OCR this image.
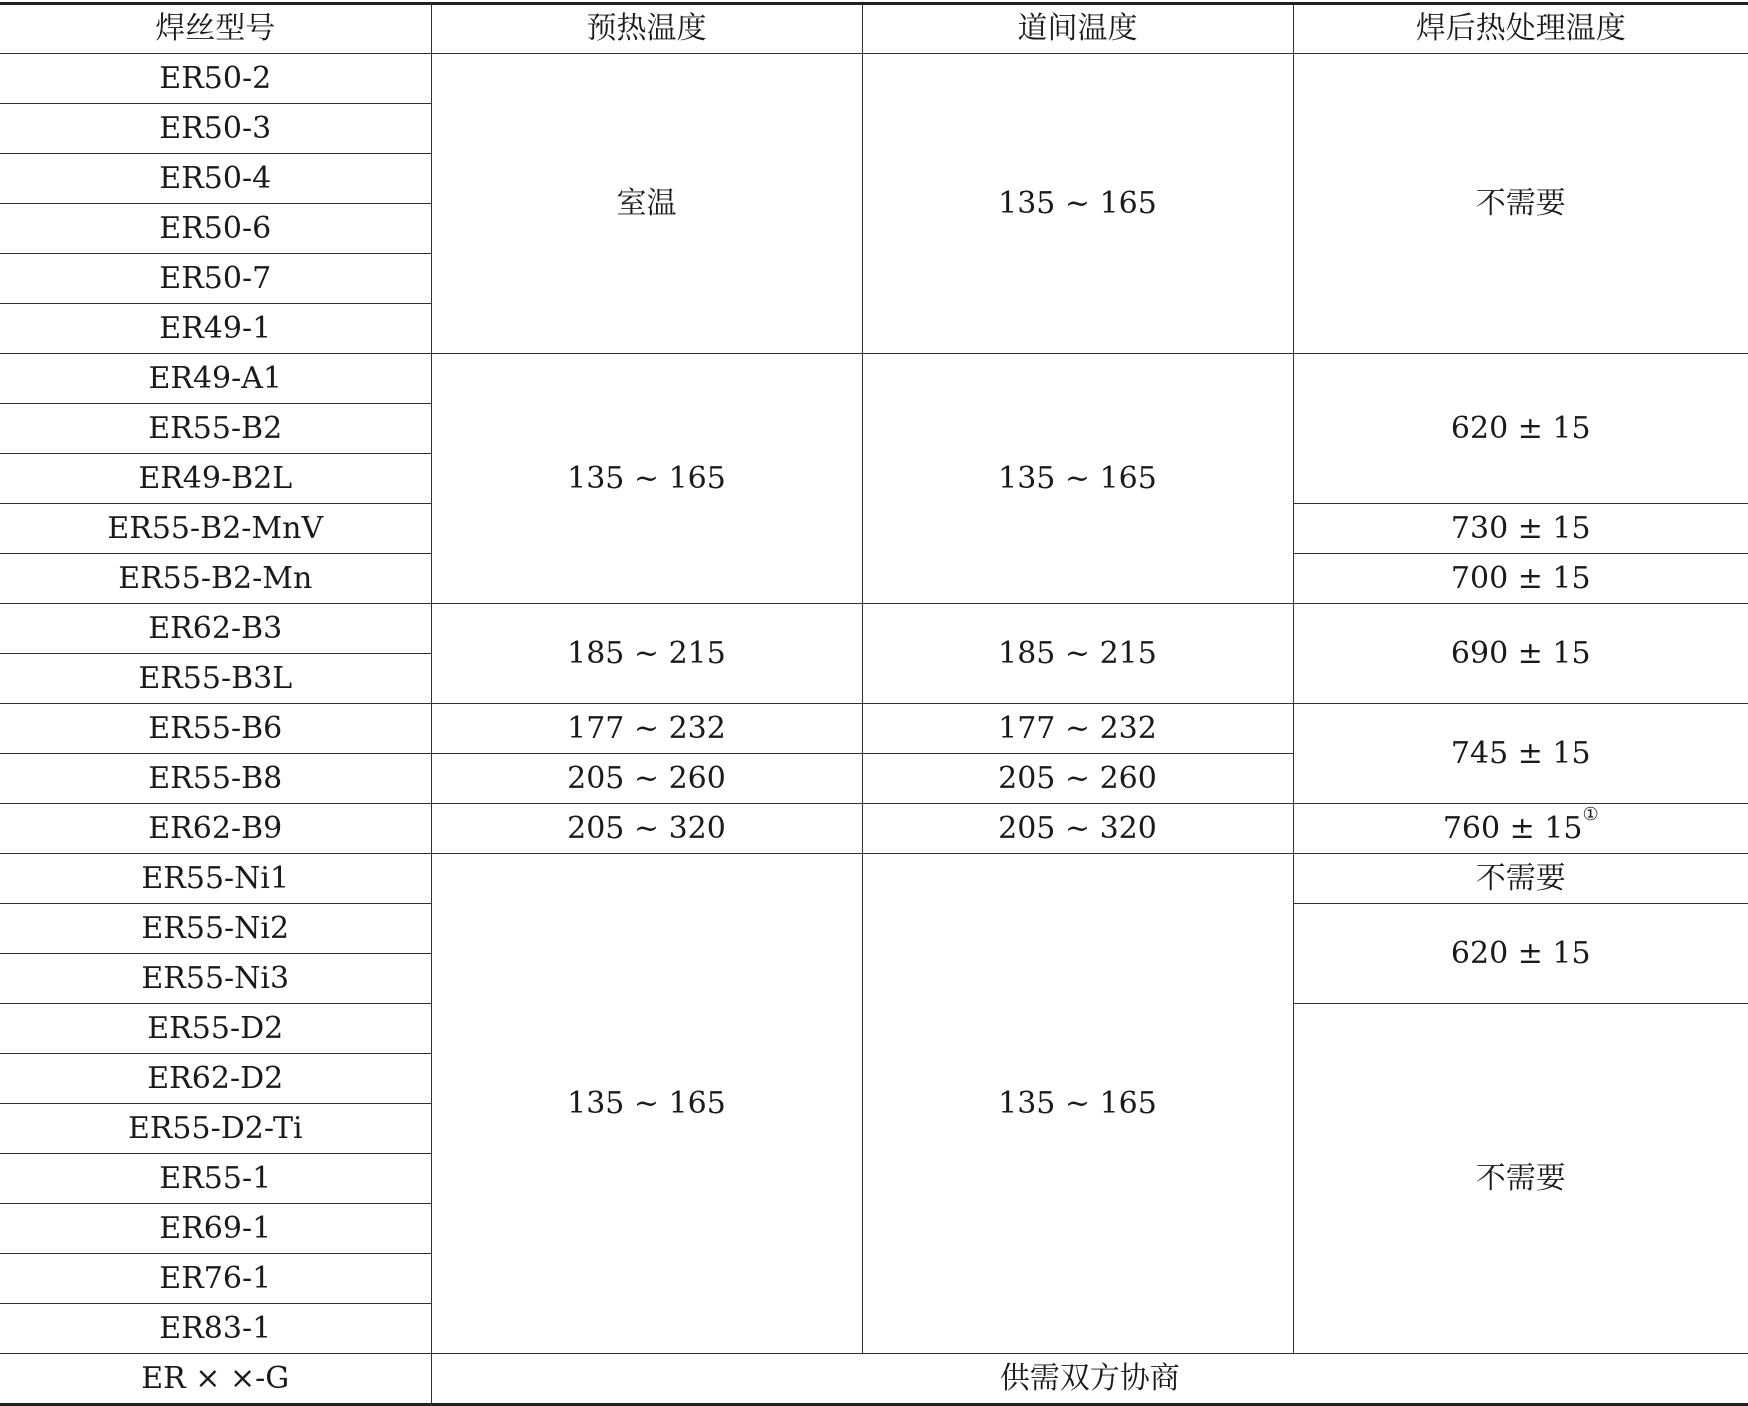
焊丝型号	预热温度	道间温度	焊后热处理温度
ER50-2	室温	135 ~ 165	不需要
ER50-3			
ER50-4			
ER50-6			
ER50-7			
ER49-1			
ER49-A1	135 ~ 165	135 ~ 165	620 ± 15
ER55-B2			
ER49-B2L			
ER55-B2-MnV			730 ± 15
ER55-B2-Mn			700 ± 15
ER62-B3	185 ~ 215	185 ~ 215	690 ± 15
ER55-B3L			
ER55-B6	177 ~ 232	177 ~ 232	745 ± 15
ER55-B8	205 ~ 260	205 ~ 260	
ER62-B9	205 ~ 320	205 ~ 320	760 ± 15①
ER55-Ni1	135 ~ 165	135 ~ 165	不需要
ER55-Ni2			620 ± 15
ER55-Ni3			
ER55-D2			不需要
ER62-D2			
ER55-D2-Ti			
ER55-1			
ER69-1			
ER76-1			
ER83-1			
ER × ×-G	供需双方协商		
